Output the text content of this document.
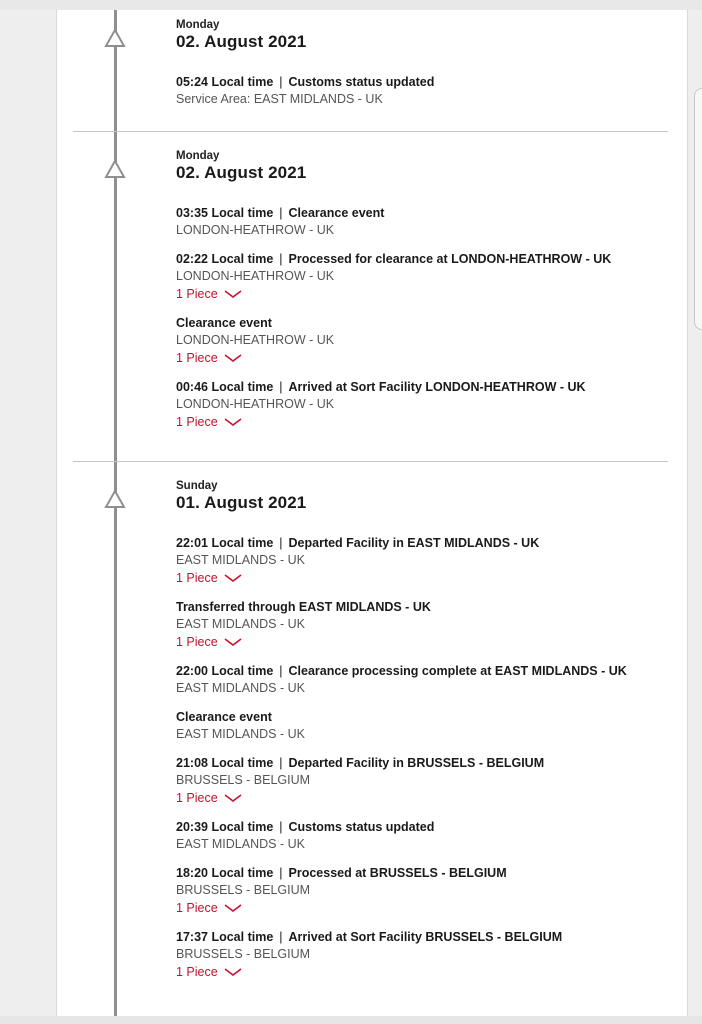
Monday
02. August 2021
05:24 Local time | Customs status updated
Service Area: EAST MIDLANDS - UK
Monday
02. August 2021
03:35 Local time | Clearance event
LONDON-HEATHROW - UK
02:22 Local time | Processed for clearance at LONDON-HEATHROW - UK
LONDON-HEATHROW - UK
1 Piece
Clearance event
LONDON-HEATHROW - UK
1 Piece
00:46 Local time | Arrived at Sort Facility LONDON-HEATHROW - UK
LONDON-HEATHROW - UK
1 Piece
Sunday
01. August 2021
22:01 Local time | Departed Facility in EAST MIDLANDS - UK
EAST MIDLANDS - UK
1 Piece
Transferred through EAST MIDLANDS - UK
EAST MIDLANDS - UK
1 Piece
22:00 Local time | Clearance processing complete at EAST MIDLANDS - UK
EAST MIDLANDS - UK
Clearance event
EAST MIDLANDS - UK
21:08 Local time | Departed Facility in BRUSSELS - BELGIUM
BRUSSELS - BELGIUM
1 Piece
20:39 Local time | Customs status updated
EAST MIDLANDS - UK
18:20 Local time | Processed at BRUSSELS - BELGIUM
BRUSSELS - BELGIUM
1 Piece
17:37 Local time | Arrived at Sort Facility BRUSSELS - BELGIUM
BRUSSELS - BELGIUM
1 Piece
